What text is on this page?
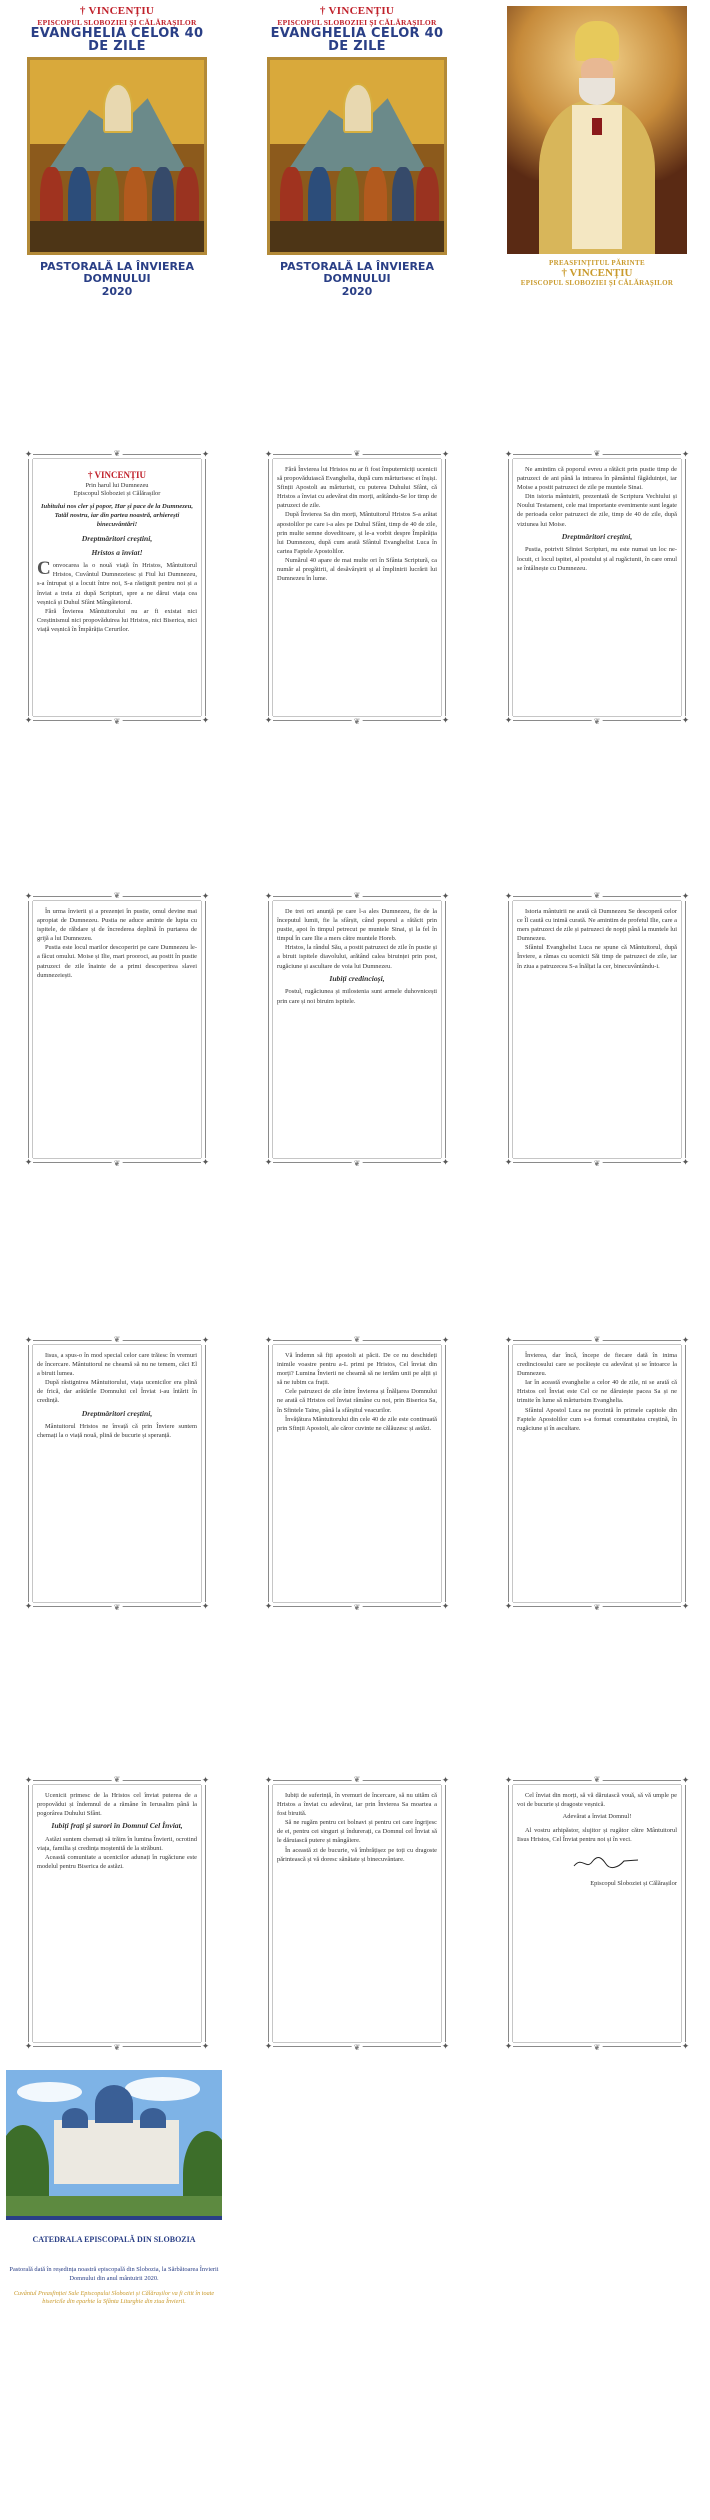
† VINCENȚIU
EPISCOPUL SLOBOZIEI ȘI CĂLĂRAȘILOR
EVANGHELIA CELOR 40 DE ZILE
PASTORALĂ LA ÎNVIEREA DOMNULUI
2020
† VINCENȚIU
EPISCOPUL SLOBOZIEI ȘI CĂLĂRAȘILOR
EVANGHELIA CELOR 40 DE ZILE
PASTORALĂ LA ÎNVIEREA DOMNULUI
2020
PREASFINȚITUL PĂRINTE
† VINCENȚIU
EPISCOPUL SLOBOZIEI ȘI CĂLĂRAȘILOR
✦	✦
✦	✦
❦
❦
† VINCENȚIU
Prin harul lui Dumnezeu
Episcopul Sloboziei și Călărașilor
Iubitului nos cler și popor, Har și pace de la Dumnezeu, Tatăl nostru, iar din partea noastră, arhierești binecuvântări!
Dreptmăritori creștini,
Hristos a înviat!

Convocarea la o nouă viață în Hristos, Mântuitorul Hristos, Cuvântul Dumnezeiesc și Fiul lui Dumnezeu, s-a întrupat și a locuit între noi, S-a răstignit pentru noi și a înviat a treia zi după Scripturi, spre a ne dărui viața cea veșnică și Duhul Sfânt Mângâietorul.

Fără Învierea Mântuitorului nu ar fi existat nici Creștinismul nici propovăduirea lui Hristos, nici Biserica, nici viață veșnică în Împărăția Cerurilor.

✦	✦
✦	✦
❦
❦

Fără Învierea lui Hristos nu ar fi fost împuterniciți ucenicii să propovăduiască Evanghelia, după cum mărturisesc ei înșiși. Sfinții Apostoli au mărturisit, cu puterea Duhului Sfânt, că Hristos a înviat cu adevărat din morți, arătându-Se lor timp de patruzeci de zile.

După Învierea Sa din morți, Mântuitorul Hristos S-a arătat apostolilor pe care i-a ales pe Duhul Sfânt, timp de 40 de zile, prin multe semne doveditoare, și le-a vorbit despre Împărăția lui Dumnezeu, după cum arată Sfântul Evanghelist Luca în cartea Faptele Apostolilor.

Numărul 40 apare de mai multe ori în Sfânta Scriptură, ca număr al pregătirii, al desăvârșirii și al împlinirii lucrării lui Dumnezeu în lume.

✦	✦
✦	✦
❦
❦

Ne amintim că poporul evreu a rătăcit prin pustie timp de patruzeci de ani până la intrarea în pământul făgăduinței, iar Moise a postit patruzeci de zile pe muntele Sinai.

Din istoria mântuirii, prezentată de Scriptura Vechiului și Noului Testament, cele mai importante evenimente sunt legate de perioada celor patruzeci de zile, timp de 40 de zile, după viziunea lui Moise.

Dreptmăritori creștini,

Pustia, potrivit Sfintei Scripturi, nu este numai un loc ne-locuit, ci locul ispitei, al postului și al rugăciunii, în care omul se întâlnește cu Dumnezeu.

✦	✦
✦	✦
❦
❦

În urma învierii și a prezenței în pustie, omul devine mai apropiat de Dumnezeu. Pustia ne aduce aminte de lupta cu ispitele, de răbdare și de încrederea deplină în purtarea de grijă a lui Dumnezeu.

Pustia este locul marilor descoperiri pe care Dumnezeu le-a făcut omului. Moise și Ilie, mari prooroci, au postit în pustie patruzeci de zile înainte de a primi descoperirea slavei dumnezeiești.

✦	✦
✦	✦
❦
❦

De trei ori anunță pe care l-a ales Dumnezeu, fie de la începutul lumii, fie la sfârșit, când poporul a rătăcit prin pustie, apoi în timpul petrecut pe muntele Sinai, și la fel în timpul în care Ilie a mers către muntele Horeb.

Hristos, la rândul Său, a postit patruzeci de zile în pustie și a biruit ispitele diavolului, arătând calea biruinței prin post, rugăciune și ascultare de voia lui Dumnezeu.

Iubiți credincioși,

Postul, rugăciunea și milostenia sunt armele duhovnicești prin care și noi biruim ispitele.

✦	✦
✦	✦
❦
❦

Istoria mântuirii ne arată că Dumnezeu Se descoperă celor ce Îl caută cu inimă curată. Ne amintim de profetul Ilie, care a mers patruzeci de zile și patruzeci de nopți până la muntele lui Dumnezeu.

Sfântul Evanghelist Luca ne spune că Mântuitorul, după Înviere, a rămas cu ucenicii Săi timp de patruzeci de zile, iar în ziua a patruzecea S-a înălțat la cer, binecuvântându-i.

✦	✦
✦	✦
❦
❦

Iisus, a spus-o în mod special celor care trăiesc în vremuri de încercare. Mântuitorul ne cheamă să nu ne temem, căci El a biruit lumea.

După răstignirea Mântuitorului, viața ucenicilor era plină de frică, dar arătările Domnului cel Înviat i-au întărit în credință.

Dreptmăritori creștini,

Mântuitorul Hristos ne învață că prin Înviere suntem chemați la o viață nouă, plină de bucurie și speranță.

✦	✦
✦	✦
❦
❦

Vă îndemn să fiți apostoli ai păcii. De ce nu deschideți inimile voastre pentru a-L primi pe Hristos, Cel înviat din morți? Lumina Învierii ne cheamă să ne iertăm unii pe alții și să ne iubim ca frații.

Cele patruzeci de zile între Învierea și Înălțarea Domnului ne arată că Hristos cel înviat rămâne cu noi, prin Biserica Sa, în Sfintele Taine, până la sfârșitul veacurilor.

Învățătura Mântuitorului din cele 40 de zile este continuată prin Sfinții Apostoli, ale căror cuvinte ne călăuzesc și astăzi.

✦	✦
✦	✦
❦
❦

Învierea, dar încă, începe de fiecare dată în inima credinciosului care se pocăiește cu adevărat și se întoarce la Dumnezeu.

Iar în această evanghelie a celor 40 de zile, ni se arată că Hristos cel Înviat este Cel ce ne dăruiește pacea Sa și ne trimite în lume să mărturisim Evanghelia.

Sfântul Apostol Luca ne prezintă în primele capitole din Faptele Apostolilor cum s-a format comunitatea creștină, în rugăciune și în ascultare.

✦	✦
✦	✦
❦
❦

Ucenicii primesc de la Hristos cel înviat puterea de a propovădui și îndemnul de a rămâne în Ierusalim până la pogorârea Duhului Sfânt.

Iubiți frați și surori în Domnul Cel Înviat,

Astăzi suntem chemați să trăim în lumina Învierii, ocrotind viața, familia și credința moștenită de la străbuni.

Această comunitate a ucenicilor adunați în rugăciune este modelul pentru Biserica de astăzi.

✦	✦
✦	✦
❦
❦

Iubiți de suferință, în vremuri de încercare, să nu uităm că Hristos a înviat cu adevărat, iar prin Învierea Sa moartea a fost biruită.

Să ne rugăm pentru cei bolnavi și pentru cei care îngrijesc de ei, pentru cei singuri și îndurerați, ca Domnul cel Înviat să le dăruiască putere și mângâiere.

În această zi de bucurie, vă îmbrățișez pe toți cu dragoste părintească și vă doresc sănătate și binecuvântare.

✦	✦
✦	✦
❦
❦

Cel înviat din morți, să vă dăruiască vouă, să vă umple pe voi de bucurie și dragoste veșnică.

Adevărat a înviat Domnul!

Al vostru arhipăstor, slujitor și rugător către Mântuitorul Iisus Hristos, Cel Înviat pentru noi și în veci.

Episcopul Sloboziei și Călărașilor
CATEDRALA EPISCOPALĂ DIN SLOBOZIA
Pastorală dată în reședința noastră episcopală din Slobozia, la Sărbătoarea Învierii Domnului din anul mântuirii 2020.
Cuvântul Preasfinției Sale Episcopului Sloboziei și Călărașilor va fi citit în toate bisericile din eparhie la Sfânta Liturghie din ziua Învierii.
